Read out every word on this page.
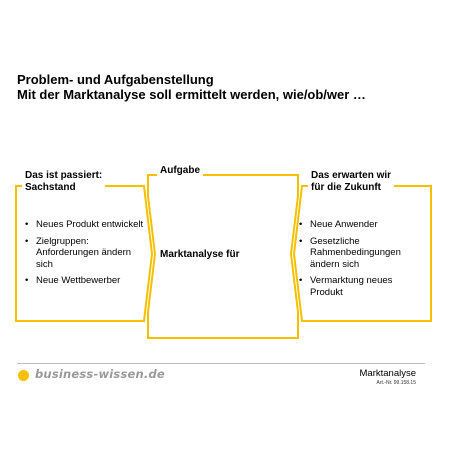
Problem- und Aufgabenstellung
Mit der Marktanalyse soll ermittelt werden, wie/ob/wer …
Das ist passiert:
Sachstand
• Neues Produkt entwickelt
• Zielgruppen: Anforderungen ändern sich
• Neue Wettbewerber
Aufgabe
Marktanalyse für
Das erwarten wir
für die Zukunft
• Neue Anwender
• Gesetzliche Rahmenbedingungen ändern sich
• Vermarktung neues Produkt
business-wissen.de	Marktanalyse
Art.-Nr. 99.158.15
